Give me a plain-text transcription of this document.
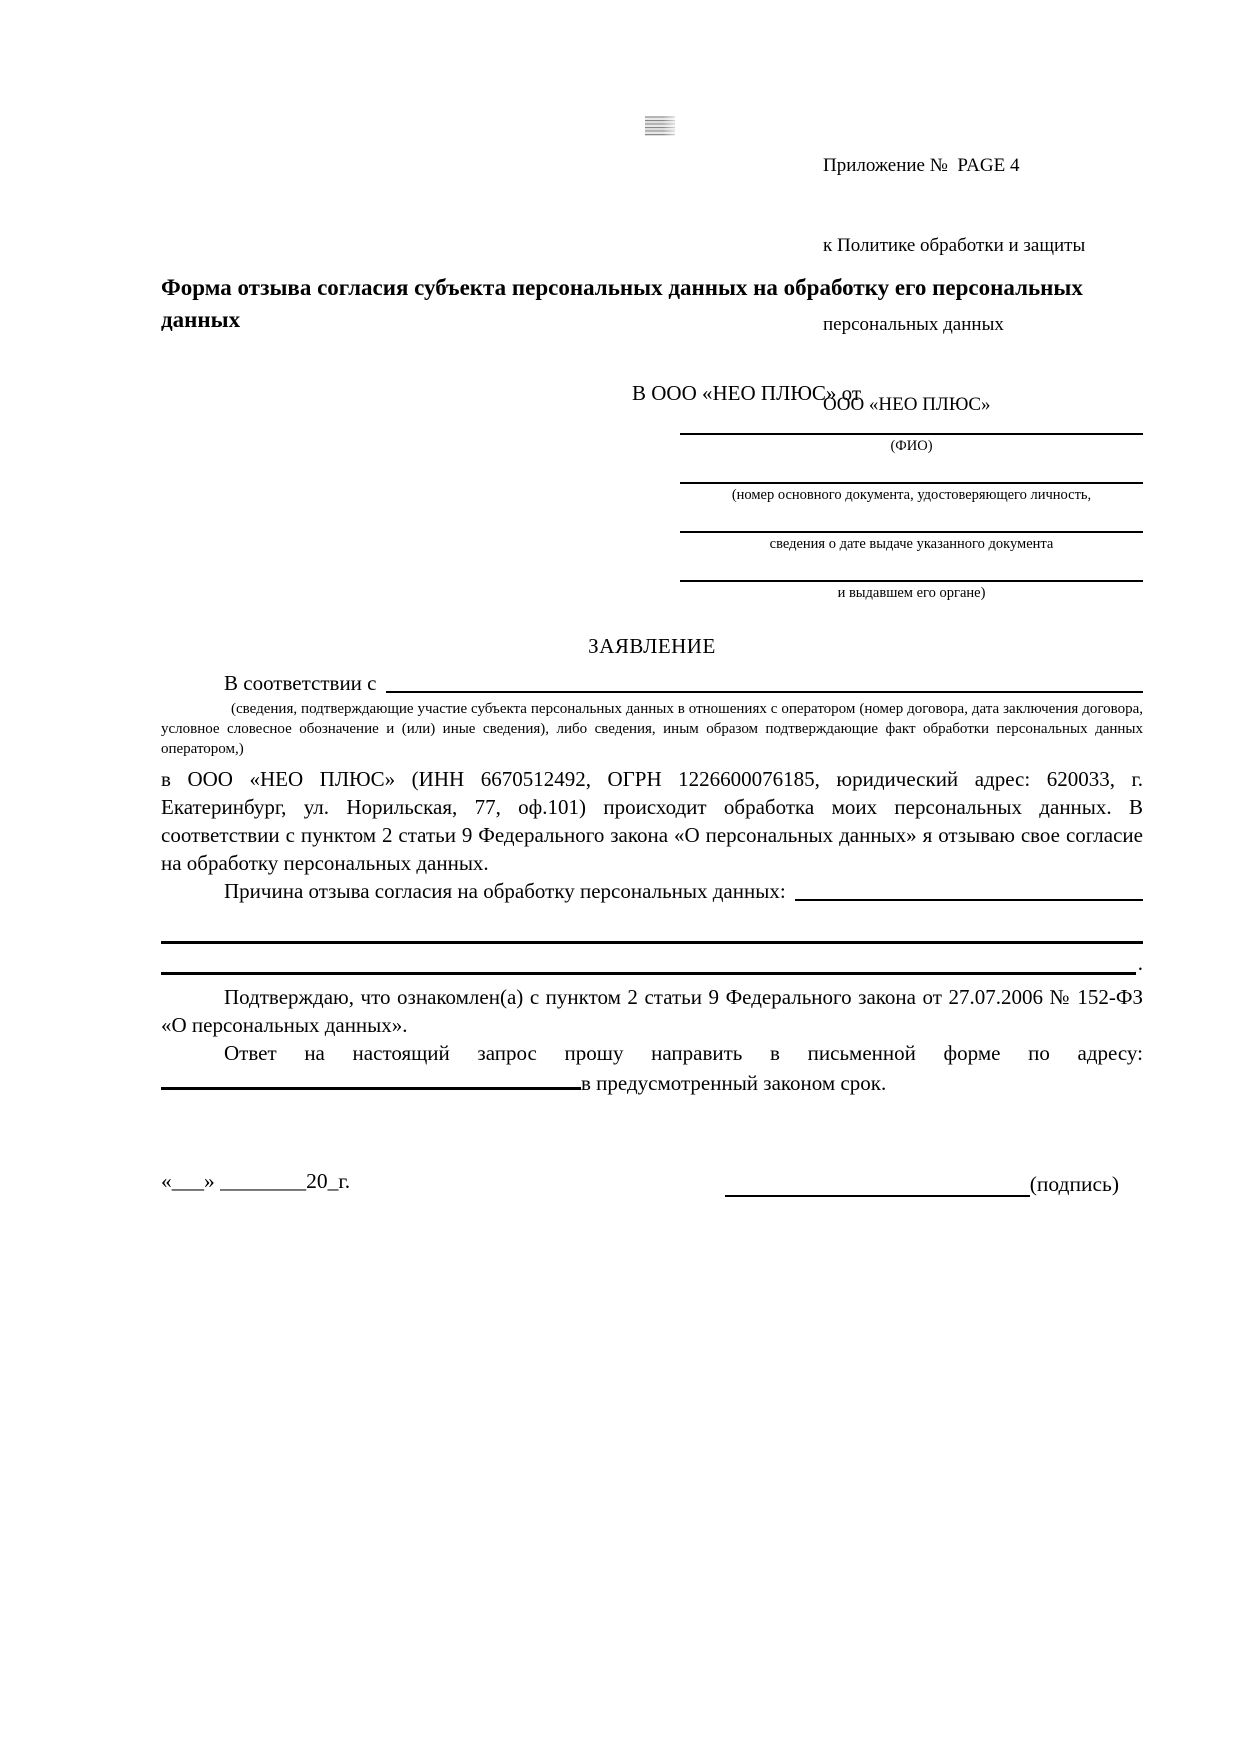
Приложение №  PAGE 4

к Политике обработки и защиты

персональных данных

ООО «НЕО ПЛЮС»

Форма отзыва согласия субъекта персональных данных на обработку его персональных данных
В ООО «НЕО ПЛЮС» от
(ФИО)
(номер основного документа, удостоверяющего личность,
сведения о дате выдаче указанного документа
и выдавшем его органе)
ЗАЯВЛЕНИЕ
В соответствии с
(сведения, подтверждающие участие субъекта персональных данных в отношениях с оператором (номер договора, дата заключения договора, условное словесное обозначение и (или) иные сведения), либо сведения, иным образом подтверждающие факт обработки персональных данных оператором,)
в ООО «НЕО ПЛЮС» (ИНН 6670512492, ОГРН 1226600076185, юридический адрес: 620033, г. Екатеринбург, ул. Норильская, 77, оф.101) происходит обработка моих персональных данных. В соответствии с пунктом 2 статьи 9 Федерального закона «О персональных данных» я отзываю свое согласие на обработку персональных данных.
Причина отзыва согласия на обработку персональных данных:
.
Подтверждаю, что ознакомлен(а) с пунктом 2 статьи 9 Федерального закона от 27.07.2006 № 152-ФЗ «О персональных данных».
Ответ на настоящий запрос прошу направить в письменной форме по адресу: в предусмотренный законом срок.
«___» ________20_г.	(подпись)
